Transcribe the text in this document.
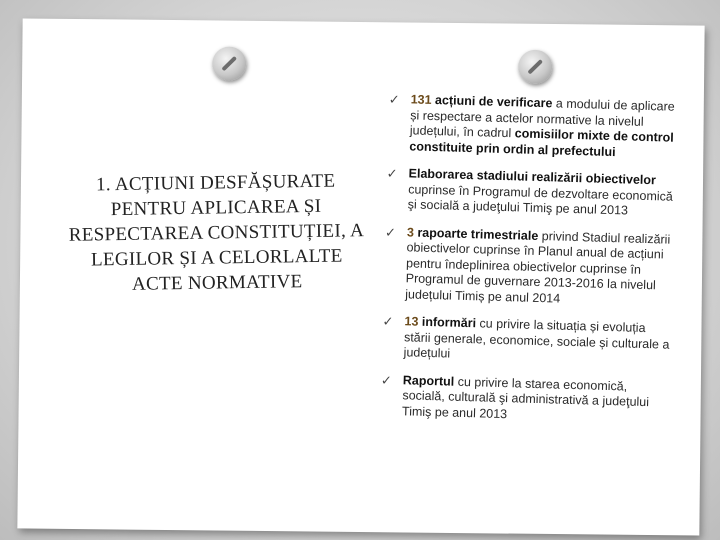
1. ACȚIUNI DESFĂȘURATE PENTRU APLICAREA ȘI RESPECTAREA CONSTITUȚIEI, A LEGILOR ȘI A CELORLALTE ACTE NORMATIVE
✓ 131 acțiuni de verificare a modului de aplicare și respectare a actelor normative la nivelul județului, în cadrul comisiilor mixte de control constituite prin ordin al prefectului
✓ Elaborarea stadiului realizării obiectivelor cuprinse în Programul de dezvoltare economică şi socială a judeţului Timiş pe anul 2013
✓ 3 rapoarte trimestriale privind Stadiul realizării obiectivelor cuprinse în Planul anual de acțiuni pentru îndeplinirea obiectivelor cuprinse în Programul de guvernare 2013-2016 la nivelul județului Timiș pe anul 2014
✓ 13 informări cu privire la situația și evoluția stării generale, economice, sociale și culturale a județului
✓ Raportul cu privire la starea economică, socială, culturală şi administrativă a judeţului Timiş pe anul 2013
